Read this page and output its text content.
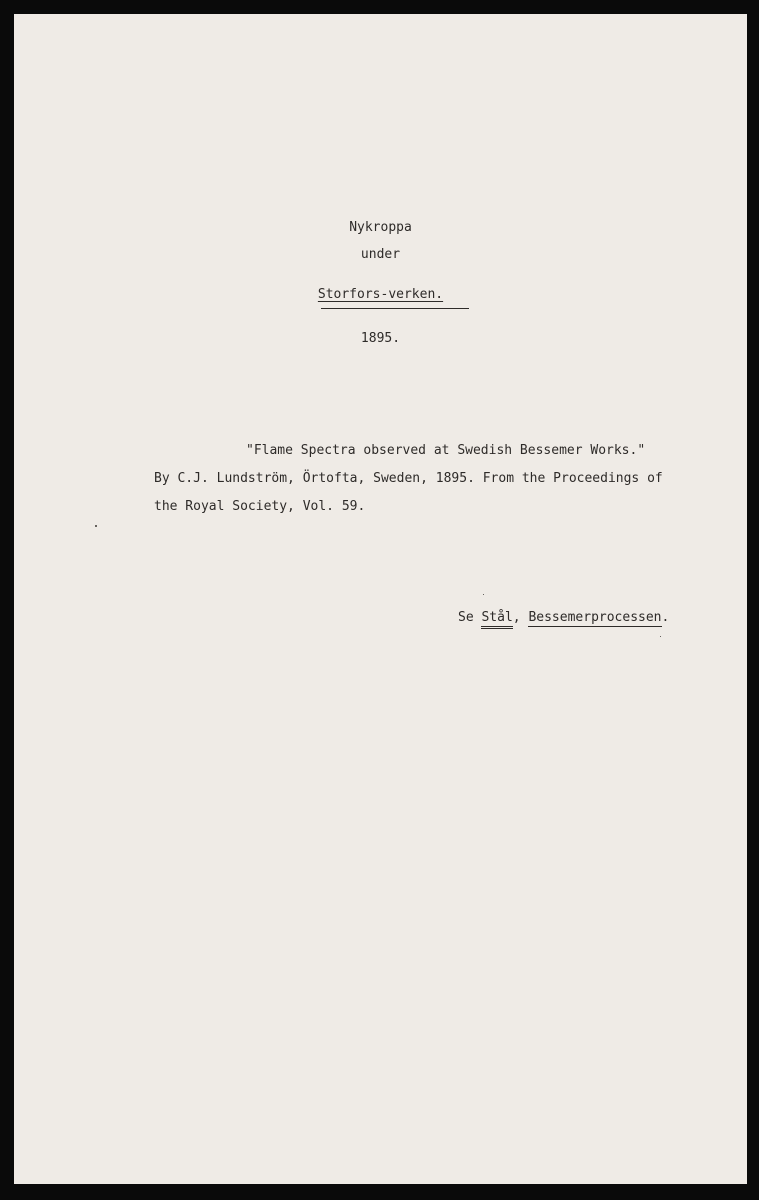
Nykroppa
under
Storfors-verken.
1895.
"Flame Spectra observed at Swedish Bessemer Works."
By C.J. Lundström, Örtofta, Sweden, 1895. From the Proceedings of
the Royal Society, Vol. 59.
Se Stål, Bessemerprocessen.
